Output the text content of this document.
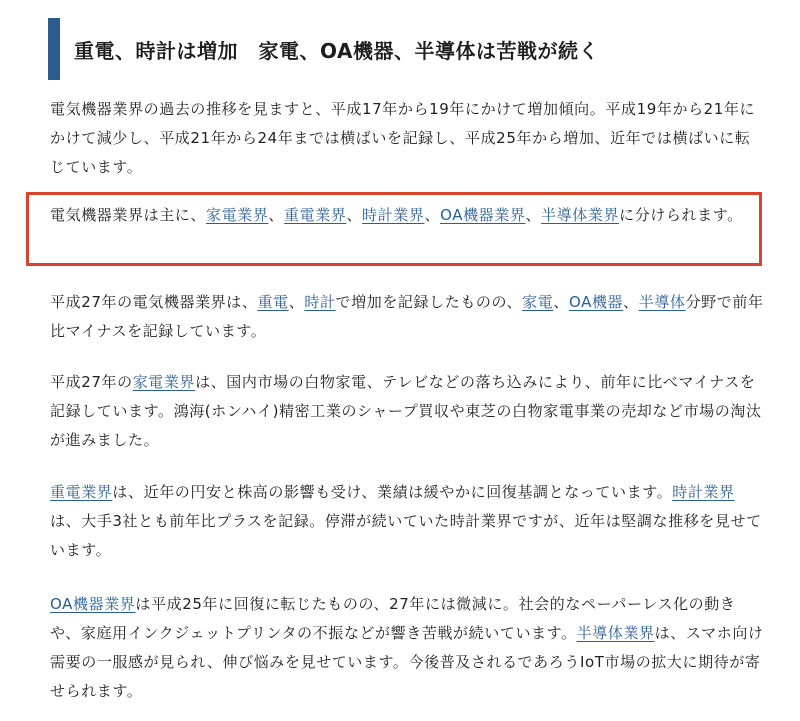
重電、時計は増加　家電、OA機器、半導体は苦戦が続く

電気機器業界の過去の推移を見ますと、平成17年から19年にかけて増加傾向。平成19年から21年にかけて減少し、平成21年から24年までは横ばいを記録し、平成25年から増加、近年では横ばいに転じています。

電気機器業界は主に、家電業界、重電業界、時計業界、OA機器業界、半導体業界に分けられます。

平成27年の電気機器業界は、重電、時計で増加を記録したものの、家電、OA機器、半導体分野で前年比マイナスを記録しています。

平成27年の家電業界は、国内市場の白物家電、テレビなどの落ち込みにより、前年に比べマイナスを記録しています。鴻海(ホンハイ)精密工業のシャープ買収や東芝の白物家電事業の売却など市場の淘汰が進みました。

重電業界は、近年の円安と株高の影響も受け、業績は緩やかに回復基調となっています。時計業界は、大手3社とも前年比プラスを記録。停滞が続いていた時計業界ですが、近年は堅調な推移を見せています。

OA機器業界は平成25年に回復に転じたものの、27年には微減に。社会的なペーパーレス化の動きや、家庭用インクジェットプリンタの不振などが響き苦戦が続いています。半導体業界は、スマホ向け需要の一服感が見られ、伸び悩みを見せています。今後普及されるであろうIoT市場の拡大に期待が寄せられます。
